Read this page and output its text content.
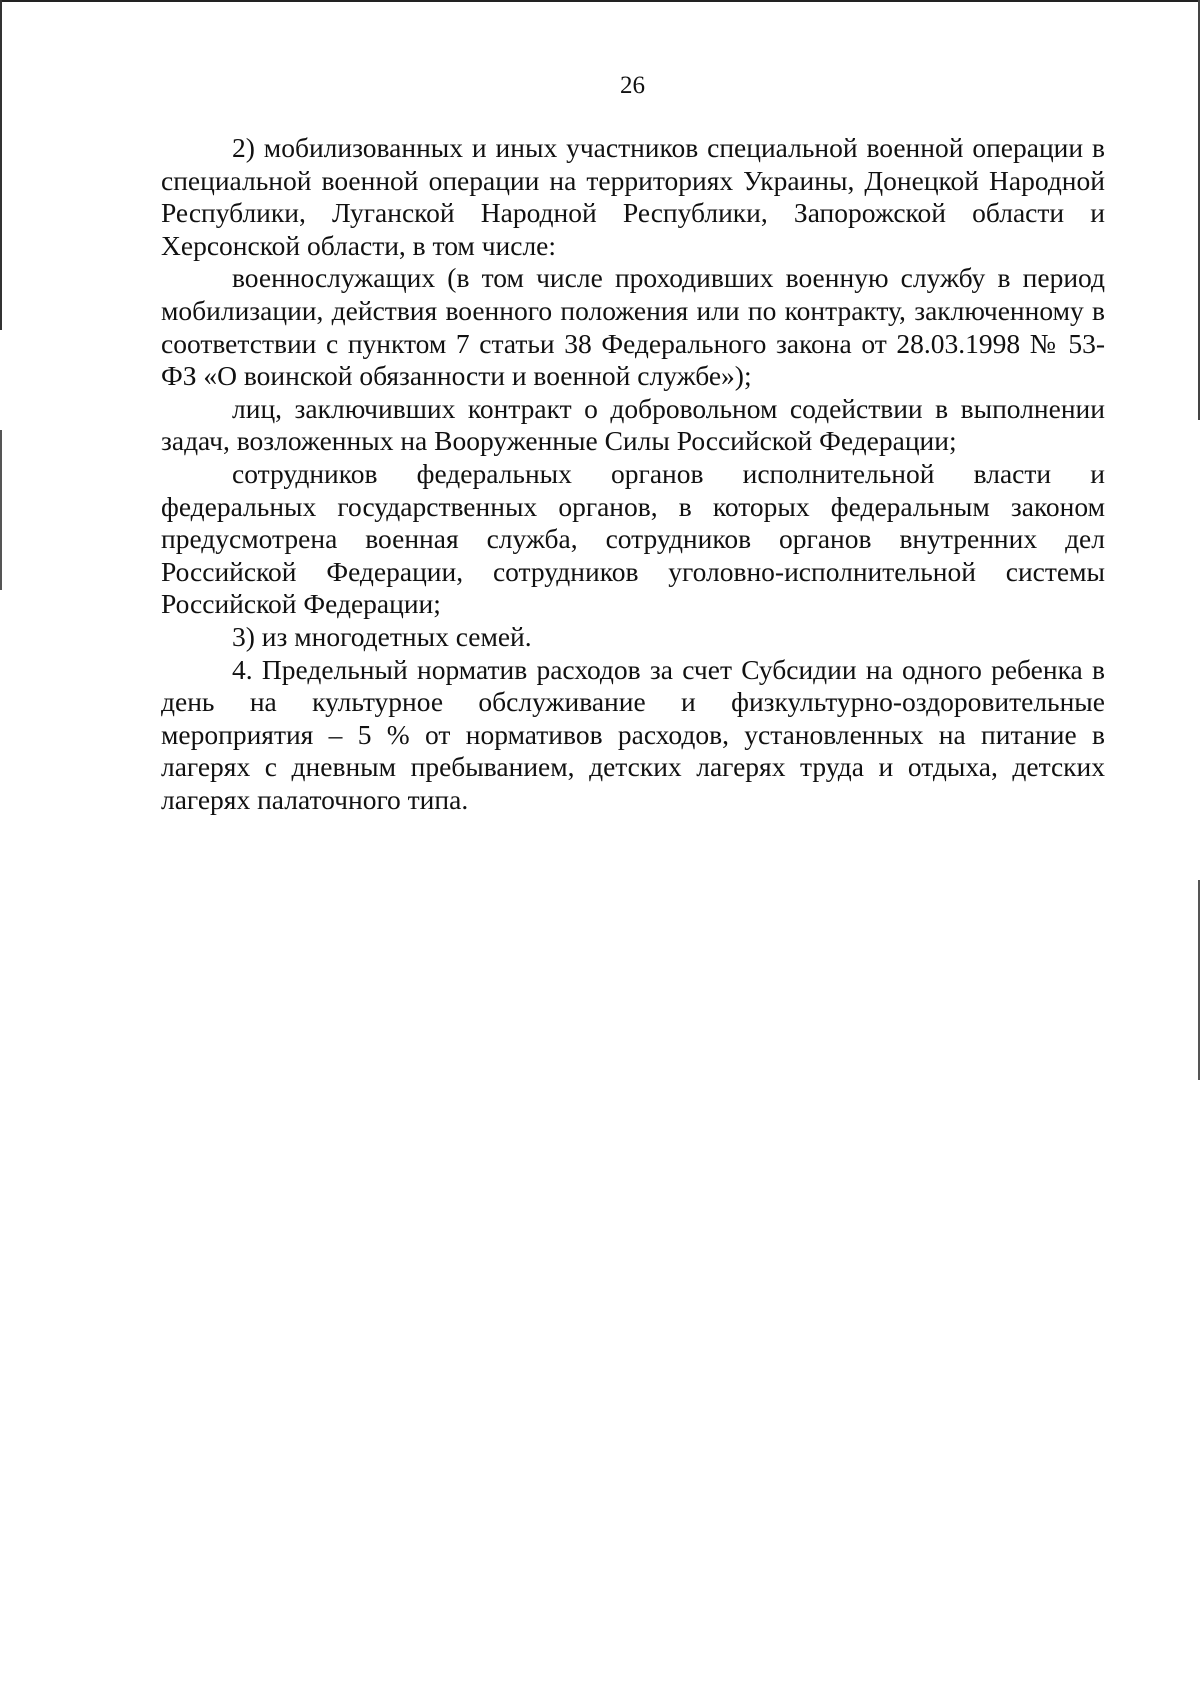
26

2) мобилизованных и иных участников специальной военной операции в специальной военной операции на территориях Украины, Донецкой Народной Республики, Луганской Народной Республики, Запорожской области и Херсонской области, в том числе:

военнослужащих (в том числе проходивших военную службу в период мобилизации, действия военного положения или по контракту, заключенному в соответствии с пунктом 7 статьи 38 Федерального закона от 28.03.1998 № 53-ФЗ «О воинской обязанности и военной службе»);

лиц, заключивших контракт о добровольном содействии в выполнении задач, возложенных на Вооруженные Силы Российской Федерации;

сотрудников федеральных органов исполнительной власти и федеральных государственных органов, в которых федеральным законом предусмотрена военная служба, сотрудников органов внутренних дел Российской Федерации, сотрудников уголовно-исполнительной системы Российской Федерации;

3) из многодетных семей.

4. Предельный норматив расходов за счет Субсидии на одного ребенка в день на культурное обслуживание и физкультурно-оздоровительные мероприятия – 5 % от нормативов расходов, установленных на питание в лагерях с дневным пребыванием, детских лагерях труда и отдыха, детских лагерях палаточного типа.
